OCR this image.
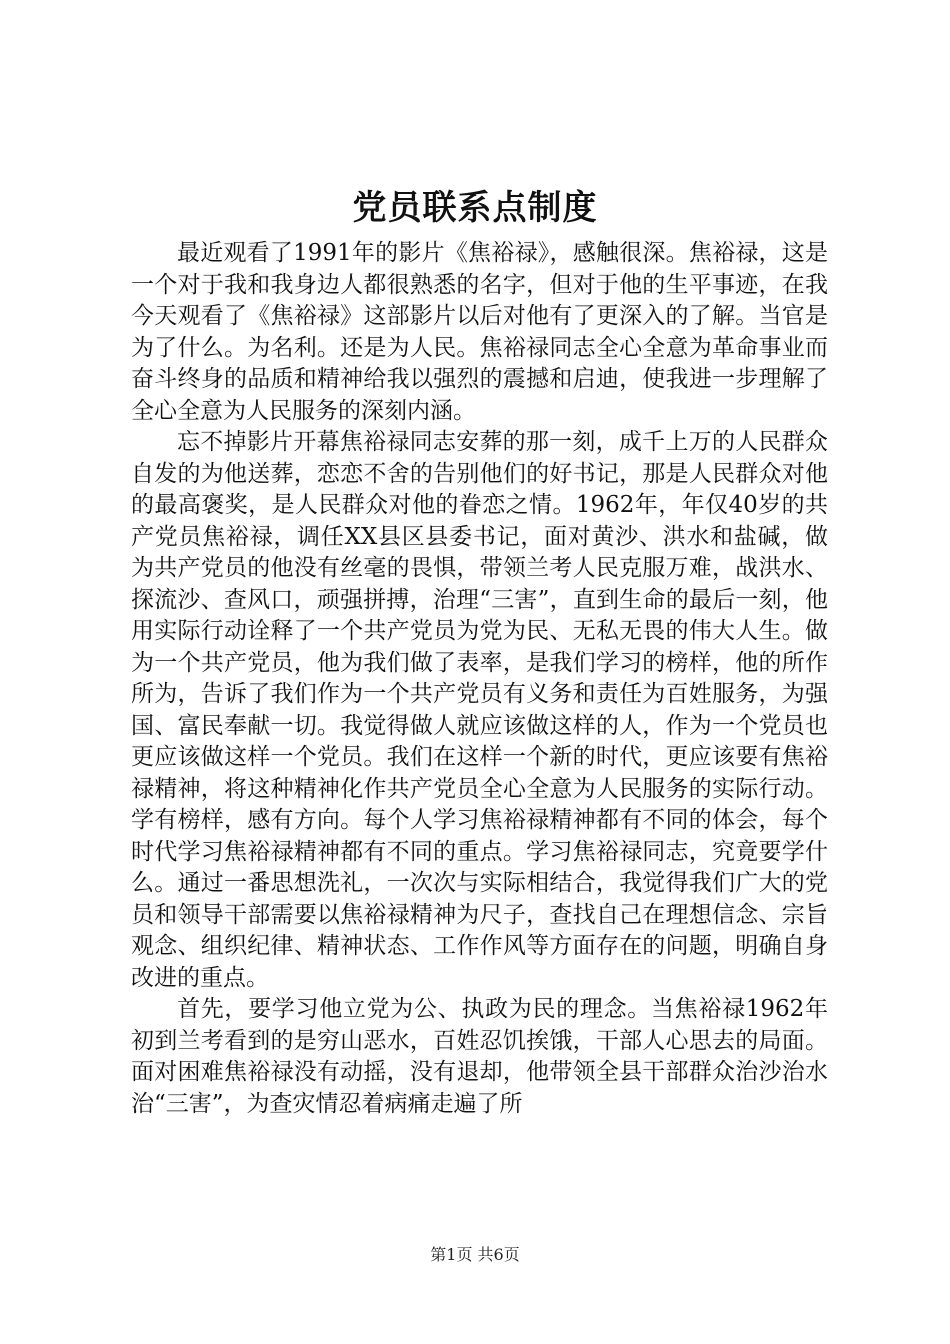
党员联系点制度

最近观看了1991年的影片《焦裕禄》，感触很深。焦裕禄，这是一个对于我和我身边人都很熟悉的名字，但对于他的生平事迹，在我今天观看了《焦裕禄》这部影片以后对他有了更深入的了解。当官是为了什么。为名利。还是为人民。焦裕禄同志全心全意为革命事业而奋斗终身的品质和精神给我以强烈的震撼和启迪，使我进一步理解了全心全意为人民服务的深刻内涵。

忘不掉影片开幕焦裕禄同志安葬的那一刻，成千上万的人民群众自发的为他送葬，恋恋不舍的告别他们的好书记，那是人民群众对他的最高褒奖，是人民群众对他的眷恋之情。1962年，年仅40岁的共产党员焦裕禄，调任XX县区县委书记，面对黄沙、洪水和盐碱，做为共产党员的他没有丝毫的畏惧，带领兰考人民克服万难，战洪水、探流沙、查风口，顽强拼搏，治理“三害”，直到生命的最后一刻，他用实际行动诠释了一个共产党员为党为民、无私无畏的伟大人生。做为一个共产党员，他为我们做了表率，是我们学习的榜样，他的所作所为，告诉了我们作为一个共产党员有义务和责任为百姓服务，为强国、富民奉献一切。我觉得做人就应该做这样的人，作为一个党员也更应该做这样一个党员。我们在这样一个新的时代，更应该要有焦裕禄精神，将这种精神化作共产党员全心全意为人民服务的实际行动。学有榜样，感有方向。每个人学习焦裕禄精神都有不同的体会，每个时代学习焦裕禄精神都有不同的重点。学习焦裕禄同志，究竟要学什么。通过一番思想洗礼，一次次与实际相结合，我觉得我们广大的党员和领导干部需要以焦裕禄精神为尺子，查找自己在理想信念、宗旨观念、组织纪律、精神状态、工作作风等方面存在的问题，明确自身改进的重点。

首先，要学习他立党为公、执政为民的理念。当焦裕禄1962年初到兰考看到的是穷山恶水，百姓忍饥挨饿，干部人心思去的局面。面对困难焦裕禄没有动摇，没有退却，他带领全县干部群众治沙治水治“三害”，为查灾情忍着病痛走遍了所

第1页 共6页
